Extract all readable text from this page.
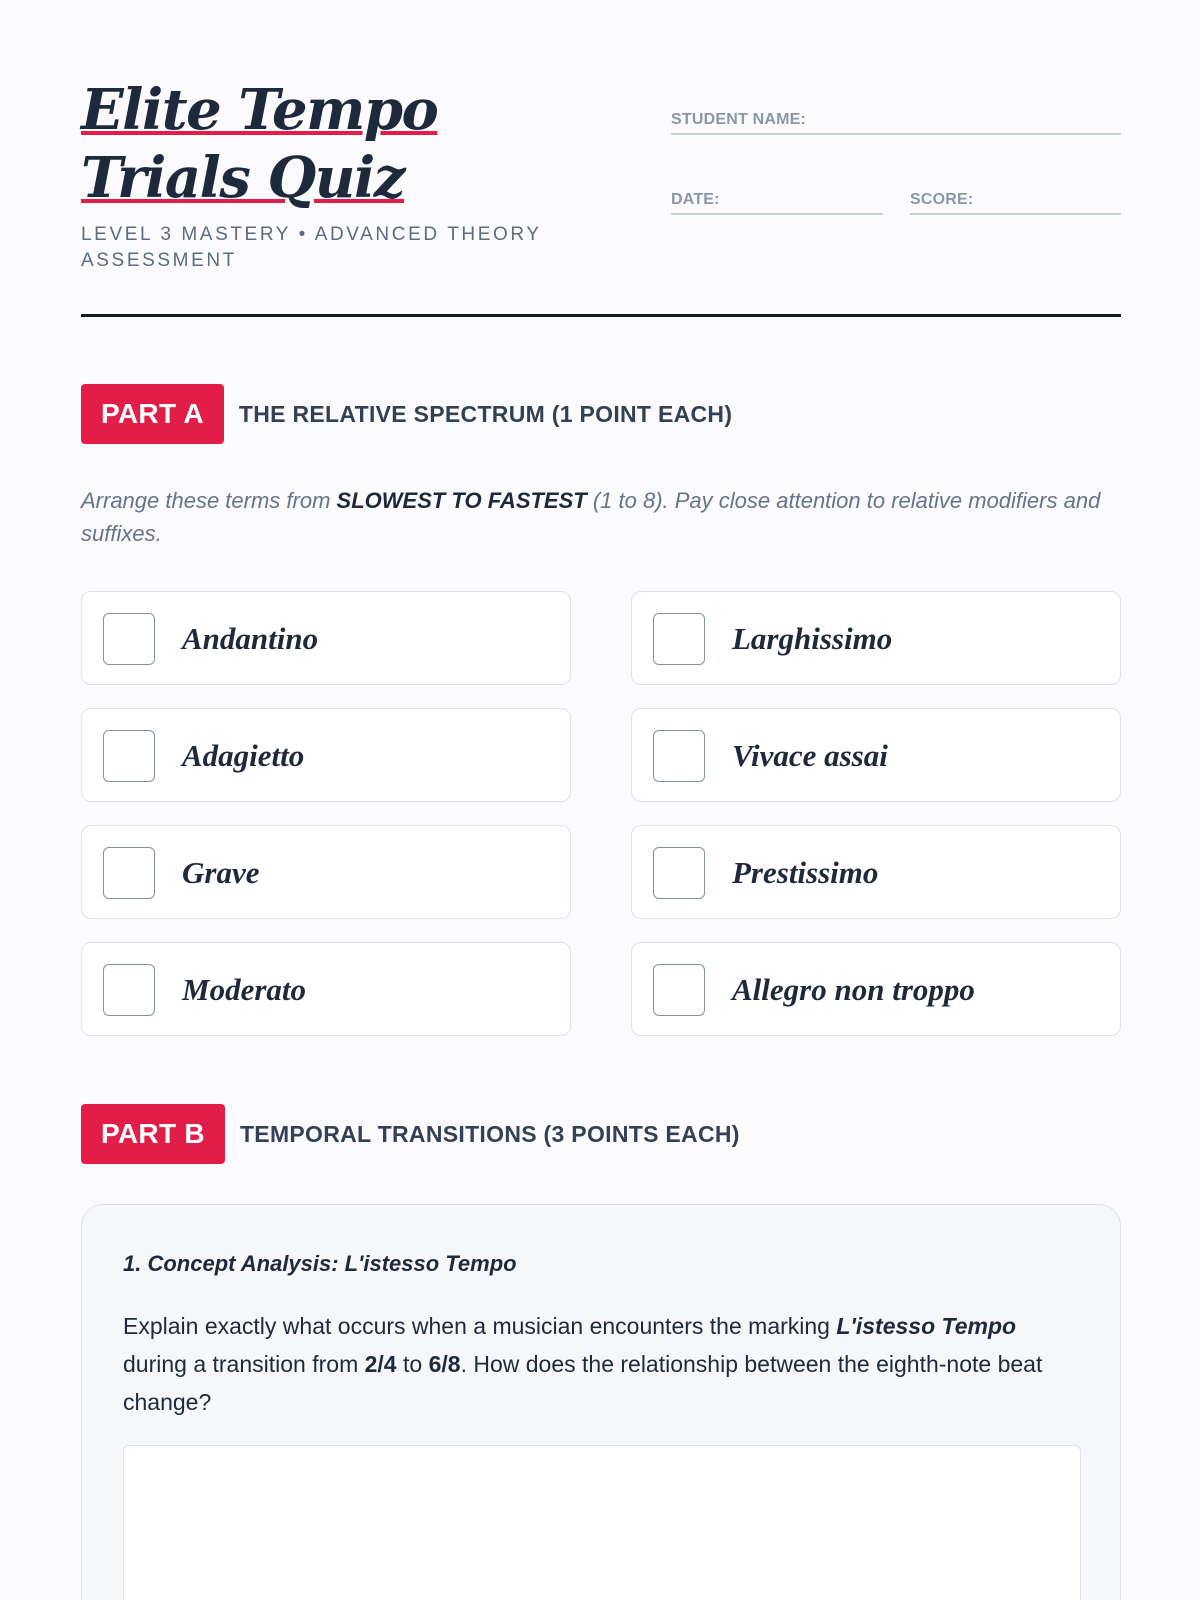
Elite Tempo Trials Quiz
LEVEL 3 MASTERY • ADVANCED THEORY ASSESSMENT
STUDENT NAME:
DATE:	SCORE:
PART A	THE RELATIVE SPECTRUM (1 POINT EACH)
Arrange these terms from SLOWEST TO FASTEST (1 to 8). Pay close attention to relative modifiers and suffixes.
Andantino	Larghissimo
Adagietto	Vivace assai
Grave	Prestissimo
Moderato	Allegro non troppo
PART B	TEMPORAL TRANSITIONS (3 POINTS EACH)
1. Concept Analysis: L'istesso Tempo
Explain exactly what occurs when a musician encounters the marking L'istesso Tempo during a transition from 2/4 to 6/8. How does the relationship between the eighth-note beat change?
